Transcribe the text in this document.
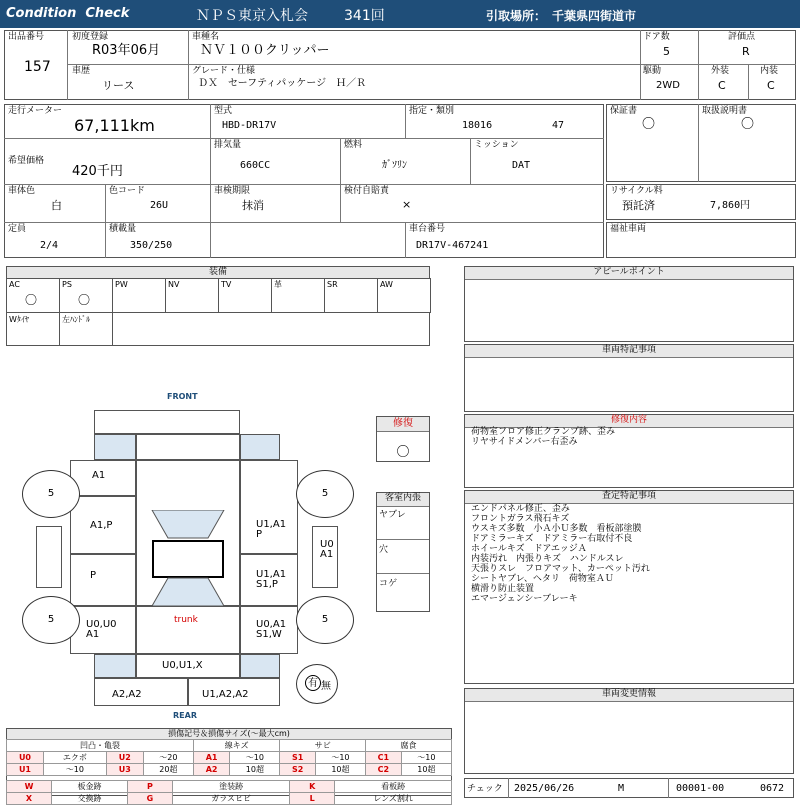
Condition  Check	ＮＰＳ東京入札会	341回	引取場所： 千葉県四街道市
出品番号
157
初度登録
R03年06月
車種名
ＮＶ１００クリッパー
ドア数
5
評価点
R
車歴
リース
グレード・仕様
ＤＸ　セーフティパッケージ　Ｈ／Ｒ
駆動
2WD
外装
C
内装
C
走行メーター
67,111km
型式
HBD-DR17V
指定・類別
18016	47
希望価格
420千円
排気量
660CC
燃料
ｶﾞｿﾘﾝ
ミッション
DAT
車体色
白
色コード
26U
車検期限
抹消
検付自賠責
×
定員
2/4
積載量
350/250
車台番号
DR17V-467241
保証書
〇
取扱説明書
〇
リサイクル料
預託済	7,860円
福祉車両
装備
AC
〇
PS
〇
PW	NV	TV	革	SR	AW
Wﾀｲﾔ	左ﾊﾝﾄﾞﾙ
アピールポイント
車両特記事項
修復内容
荷物室フロア修正クランプ跡、歪み
リヤサイドメンバー右歪み
査定特記事項
エンドパネル修正、歪み
フロントガラス飛石キズ
ウスキズ多数　小Ａ小Ｕ多数　看板部塗膜
ドアミラーキズ　ドアミラー右取付不良
ホイールキズ　ドアエッジＡ
内装汚れ　内張りキズ　ハンドルスレ
天張りスレ　フロアマット、カーペット汚れ
シートヤブレ、ヘタリ　荷物室ＡＵ
横滑り防止装置
エマージェンシーブレーキ
車両変更情報
修復
〇
客室内張
ヤブレ
穴
コゲ
FRONT
REAR
5	5
5	5
A1
A1,P
P
U0,U0
A1
U1,A1
P
U1,A1
S1,P
U0
A1
U0,A1
S1,W
U0,U1,X
A2,A2	U1,A2,A2
trunk
有 無
損傷記号＆損傷サイズ(〜最大cm)
凹凸・亀裂				線キズ		サビ		腐食	
U0	エクボ	U2	〜20	A1	〜10	S1	〜10	C1	〜10
U1	〜10	U3	20超	A2	10超	S2	10超	C2	10超
W	板金跡	P	塗装跡	K	看板跡
X	交換跡	G	ガラスヒビ	L	レンズ割れ
チェック 2025/06/26	M	00001-00	0672
